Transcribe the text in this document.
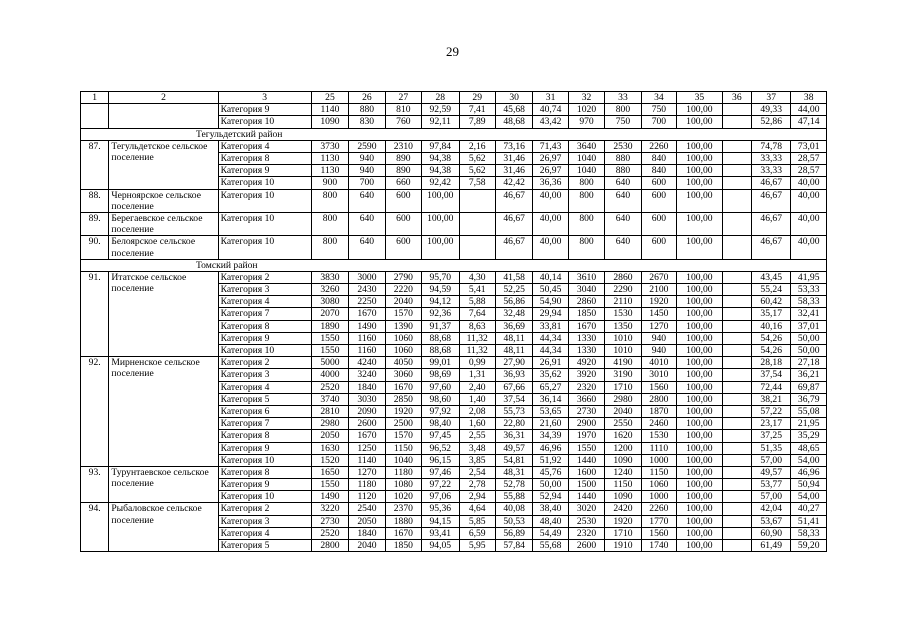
29
1	2	3	25	26	27	28	29	30	31	32	33	34	35	36	37	38
		Категория 9	1140	880	810	92,59	7,41	45,68	40,74	1020	800	750	100,00		49,33	44,00
		Категория 10	1090	830	760	92,11	7,89	48,68	43,42	970	750	700	100,00		52,86	47,14
Тегульдетский район																
87.	Тегульдетское сельское поселение	Категория 4	3730	2590	2310	97,84	2,16	73,16	71,43	3640	2530	2260	100,00		74,78	73,01
		Категория 8	1130	940	890	94,38	5,62	31,46	26,97	1040	880	840	100,00		33,33	28,57
		Категория 9	1130	940	890	94,38	5,62	31,46	26,97	1040	880	840	100,00		33,33	28,57
		Категория 10	900	700	660	92,42	7,58	42,42	36,36	800	640	600	100,00		46,67	40,00
88.	Черноярское сельское поселение	Категория 10	800	640	600	100,00		46,67	40,00	800	640	600	100,00		46,67	40,00
89.	Берегаевское сельское поселение	Категория 10	800	640	600	100,00		46,67	40,00	800	640	600	100,00		46,67	40,00
90.	Белоярское сельское поселение	Категория 10	800	640	600	100,00		46,67	40,00	800	640	600	100,00		46,67	40,00
Томский район																
91.	Итатское сельское поселение	Категория 2	3830	3000	2790	95,70	4,30	41,58	40,14	3610	2860	2670	100,00		43,45	41,95
		Категория 3	3260	2430	2220	94,59	5,41	52,25	50,45	3040	2290	2100	100,00		55,24	53,33
		Категория 4	3080	2250	2040	94,12	5,88	56,86	54,90	2860	2110	1920	100,00		60,42	58,33
		Категория 7	2070	1670	1570	92,36	7,64	32,48	29,94	1850	1530	1450	100,00		35,17	32,41
		Категория 8	1890	1490	1390	91,37	8,63	36,69	33,81	1670	1350	1270	100,00		40,16	37,01
		Категория 9	1550	1160	1060	88,68	11,32	48,11	44,34	1330	1010	940	100,00		54,26	50,00
		Категория 10	1550	1160	1060	88,68	11,32	48,11	44,34	1330	1010	940	100,00		54,26	50,00
92.	Мирненское сельское поселение	Категория 2	5000	4240	4050	99,01	0,99	27,90	26,91	4920	4190	4010	100,00		28,18	27,18
		Категория 3	4000	3240	3060	98,69	1,31	36,93	35,62	3920	3190	3010	100,00		37,54	36,21
		Категория 4	2520	1840	1670	97,60	2,40	67,66	65,27	2320	1710	1560	100,00		72,44	69,87
		Категория 5	3740	3030	2850	98,60	1,40	37,54	36,14	3660	2980	2800	100,00		38,21	36,79
		Категория 6	2810	2090	1920	97,92	2,08	55,73	53,65	2730	2040	1870	100,00		57,22	55,08
		Категория 7	2980	2600	2500	98,40	1,60	22,80	21,60	2900	2550	2460	100,00		23,17	21,95
		Категория 8	2050	1670	1570	97,45	2,55	36,31	34,39	1970	1620	1530	100,00		37,25	35,29
		Категория 9	1630	1250	1150	96,52	3,48	49,57	46,96	1550	1200	1110	100,00		51,35	48,65
		Категория 10	1520	1140	1040	96,15	3,85	54,81	51,92	1440	1090	1000	100,00		57,00	54,00
93.	Турунтаевское сельское поселение	Категория 8	1650	1270	1180	97,46	2,54	48,31	45,76	1600	1240	1150	100,00		49,57	46,96
		Категория 9	1550	1180	1080	97,22	2,78	52,78	50,00	1500	1150	1060	100,00		53,77	50,94
		Категория 10	1490	1120	1020	97,06	2,94	55,88	52,94	1440	1090	1000	100,00		57,00	54,00
94.	Рыбаловское сельское поселение	Категория 2	3220	2540	2370	95,36	4,64	40,08	38,40	3020	2420	2260	100,00		42,04	40,27
		Категория 3	2730	2050	1880	94,15	5,85	50,53	48,40	2530	1920	1770	100,00		53,67	51,41
		Категория 4	2520	1840	1670	93,41	6,59	56,89	54,49	2320	1710	1560	100,00		60,90	58,33
		Категория 5	2800	2040	1850	94,05	5,95	57,84	55,68	2600	1910	1740	100,00		61,49	59,20
